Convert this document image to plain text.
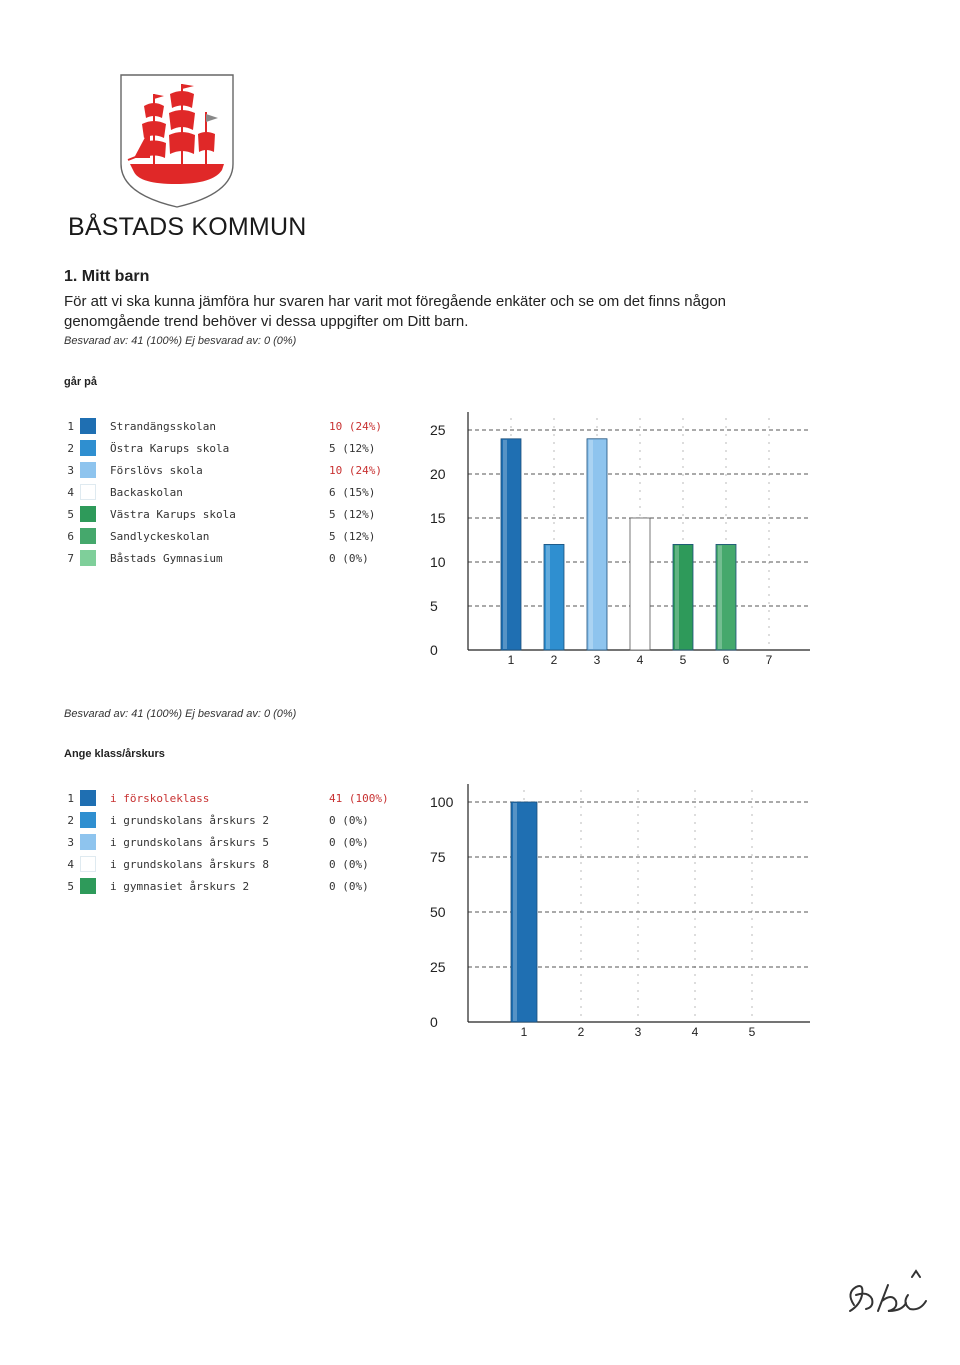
BÅSTADS KOMMUN
1. Mitt barn
För att vi ska kunna jämföra hur svaren har varit mot föregående enkäter och se om det finns någon genomgående trend behöver vi dessa uppgifter om Ditt barn.
Besvarad av: 41 (100%) Ej besvarad av: 0 (0%)
går på
1	Strandängsskolan	10 (24%)
2	Östra Karups skola	5 (12%)
3	Förslövs skola	10 (24%)
4	Backaskolan	6 (15%)
5	Västra Karups skola	5 (12%)
6	Sandlyckeskolan	5 (12%)
7	Båstads Gymnasium	0 (0%)
0
5
10
15
20
25
1	2	3	4	5	6	7
Besvarad av: 41 (100%) Ej besvarad av: 0 (0%)
Ange klass/årskurs
1	i förskoleklass	41 (100%)
2	i grundskolans årskurs 2	0 (0%)
3	i grundskolans årskurs 5	0 (0%)
4	i grundskolans årskurs 8	0 (0%)
5	i gymnasiet årskurs 2	0 (0%)
0
25
50
75
100
1	2	3	4	5
